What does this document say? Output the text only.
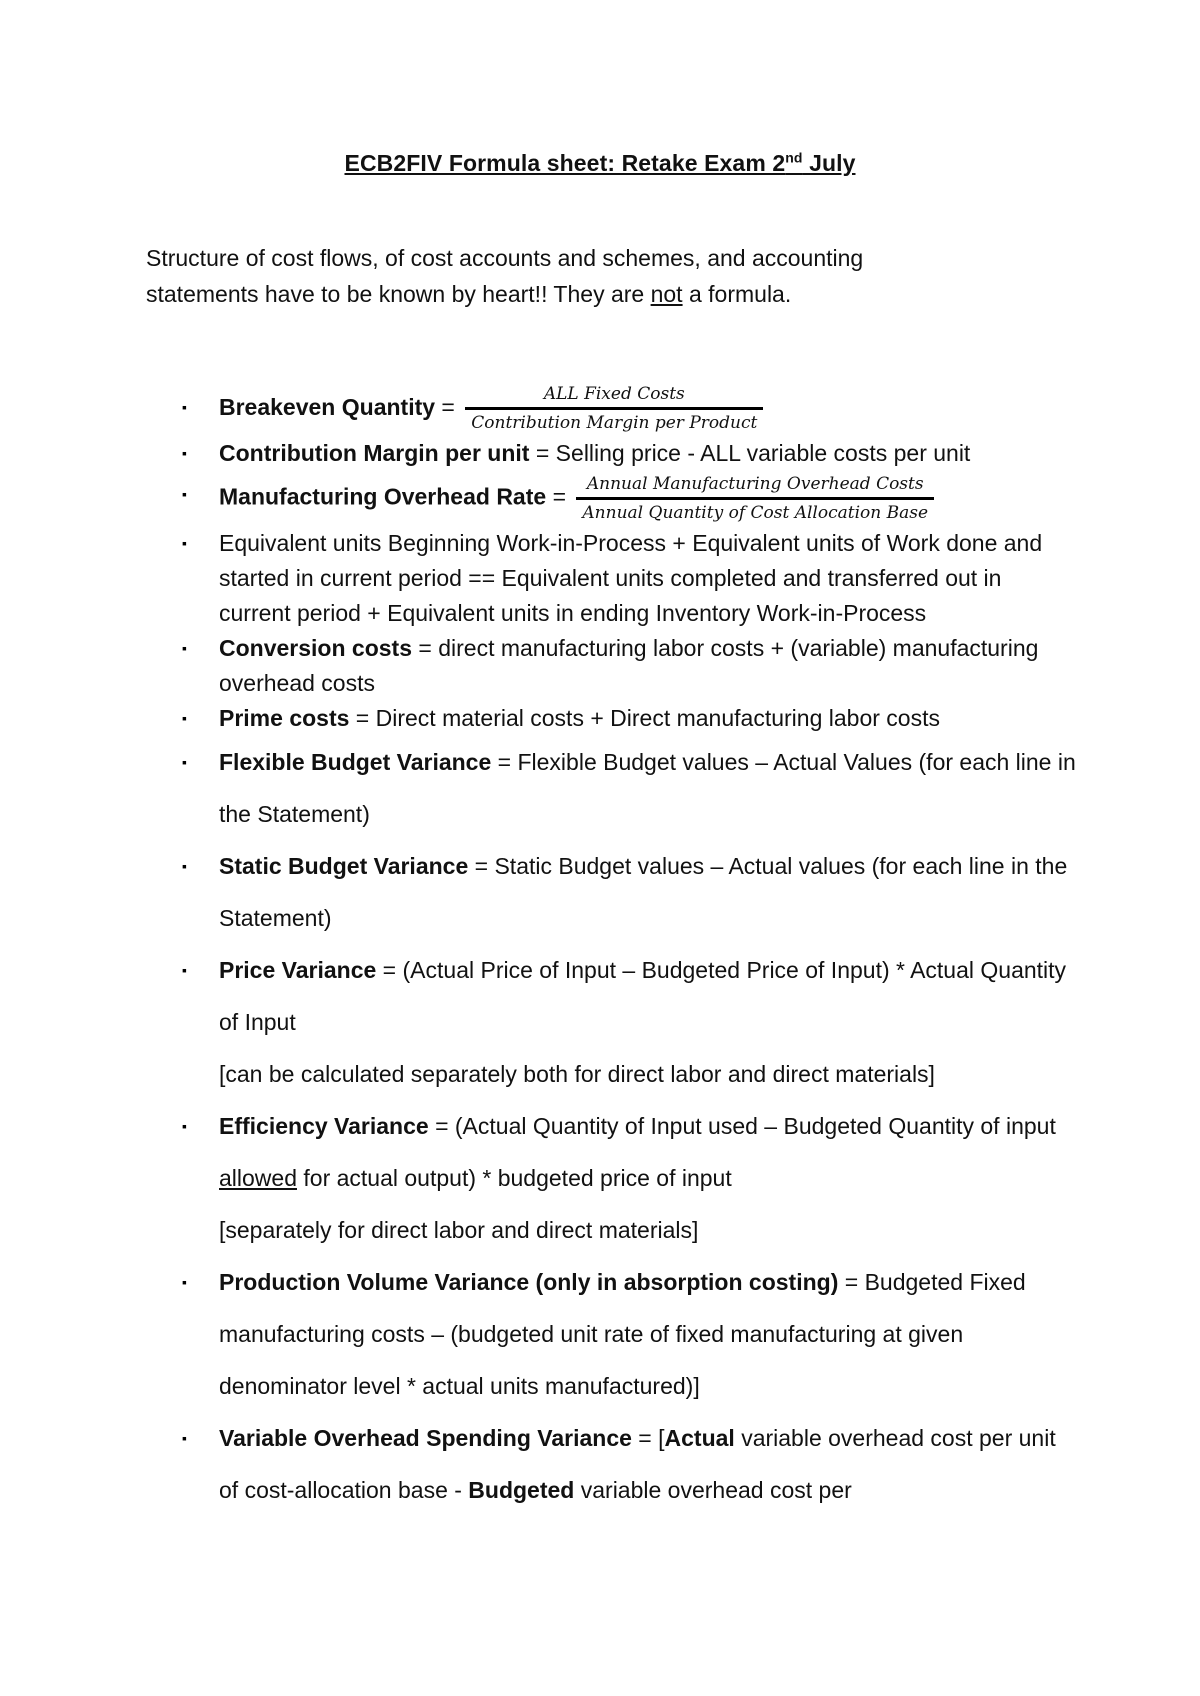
ECB2FIV Formula sheet: Retake Exam 2nd July
Structure of cost flows, of cost accounts and schemes, and accounting
statements have to be known by heart!! They are not a formula.
▪ Breakeven Quantity = $\frac{\text{ALL Fixed Costs}}{\text{Contribution Margin per Product}}$
▪ Contribution Margin per unit = Selling price - ALL variable costs per unit
▪ Manufacturing Overhead Rate = $\frac{\text{Annual Manufacturing Overhead Costs}}{\text{Annual Quantity of Cost Allocation Base}}$
▪ Equivalent units Beginning Work-in-Process + Equivalent units of Work done and started in current period == Equivalent units completed and transferred out in current period + Equivalent units in ending Inventory Work-in-Process
▪ Conversion costs = direct manufacturing labor costs + (variable) manufacturing overhead costs
▪ Prime costs = Direct material costs + Direct manufacturing labor costs
▪ Flexible Budget Variance = Flexible Budget values – Actual Values (for each line in the Statement)
▪ Static Budget Variance = Static Budget values – Actual values (for each line in the Statement)
▪ Price Variance = (Actual Price of Input – Budgeted Price of Input) * Actual Quantity of Input
[can be calculated separately both for direct labor and direct materials]
▪ Efficiency Variance = (Actual Quantity of Input used – Budgeted Quantity of input allowed for actual output) * budgeted price of input
[separately for direct labor and direct materials]
▪ Production Volume Variance (only in absorption costing) = Budgeted Fixed manufacturing costs – (budgeted unit rate of fixed manufacturing at given denominator level * actual units manufactured)]
▪ Variable Overhead Spending Variance = [Actual variable overhead cost per unit of cost-allocation base - Budgeted variable overhead cost per
